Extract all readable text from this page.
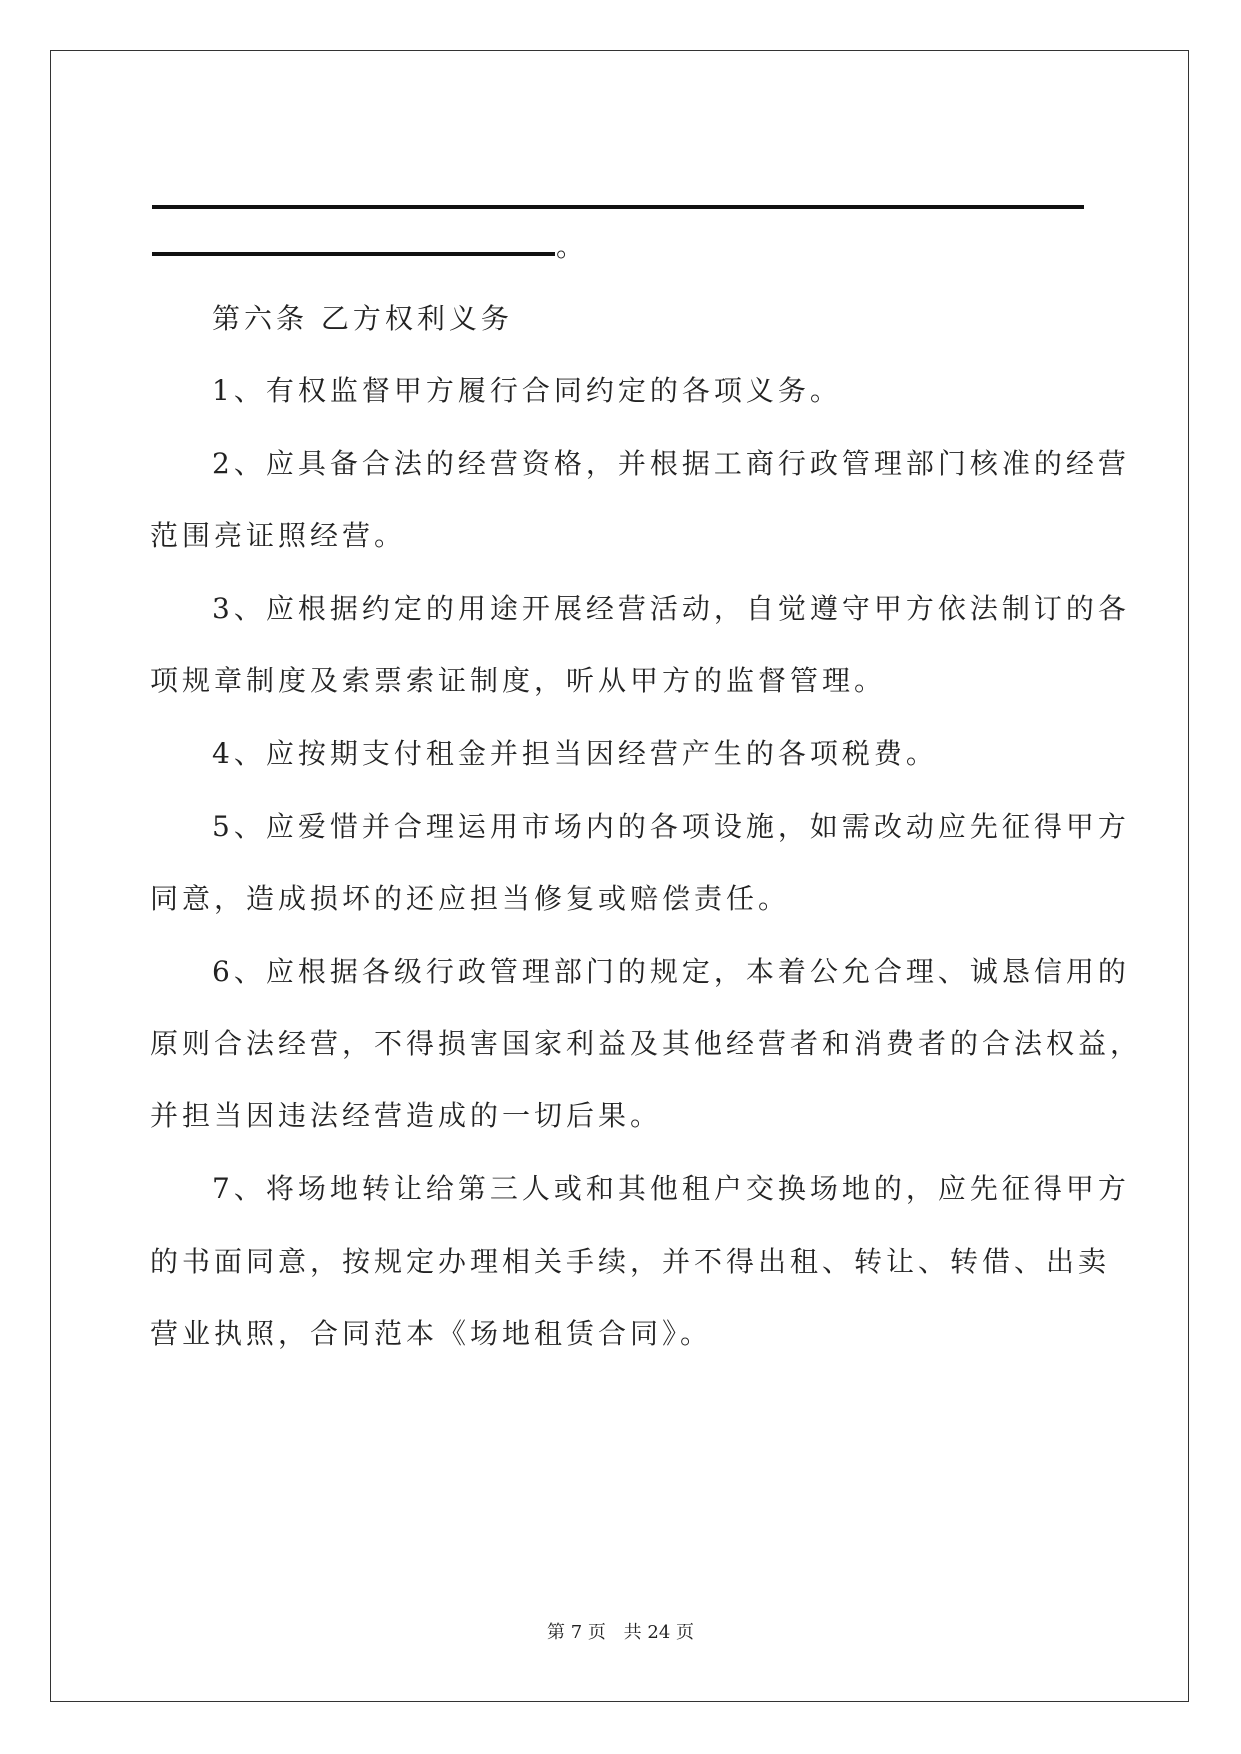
。

第六条 乙方权利义务

1、有权监督甲方履行合同约定的各项义务。

2、应具备合法的经营资格，并根据工商行政管理部门核准的经营

范围亮证照经营。

3、应根据约定的用途开展经营活动，自觉遵守甲方依法制订的各

项规章制度及索票索证制度，听从甲方的监督管理。

4、应按期支付租金并担当因经营产生的各项税费。

5、应爱惜并合理运用市场内的各项设施，如需改动应先征得甲方

同意，造成损坏的还应担当修复或赔偿责任。

6、应根据各级行政管理部门的规定，本着公允合理、诚恳信用的

原则合法经营，不得损害国家利益及其他经营者和消费者的合法权益，

并担当因违法经营造成的一切后果。

7、将场地转让给第三人或和其他租户交换场地的，应先征得甲方

的书面同意，按规定办理相关手续，并不得出租、转让、转借、出卖

营业执照，合同范本《场地租赁合同》。

第 7 页 共 24 页
